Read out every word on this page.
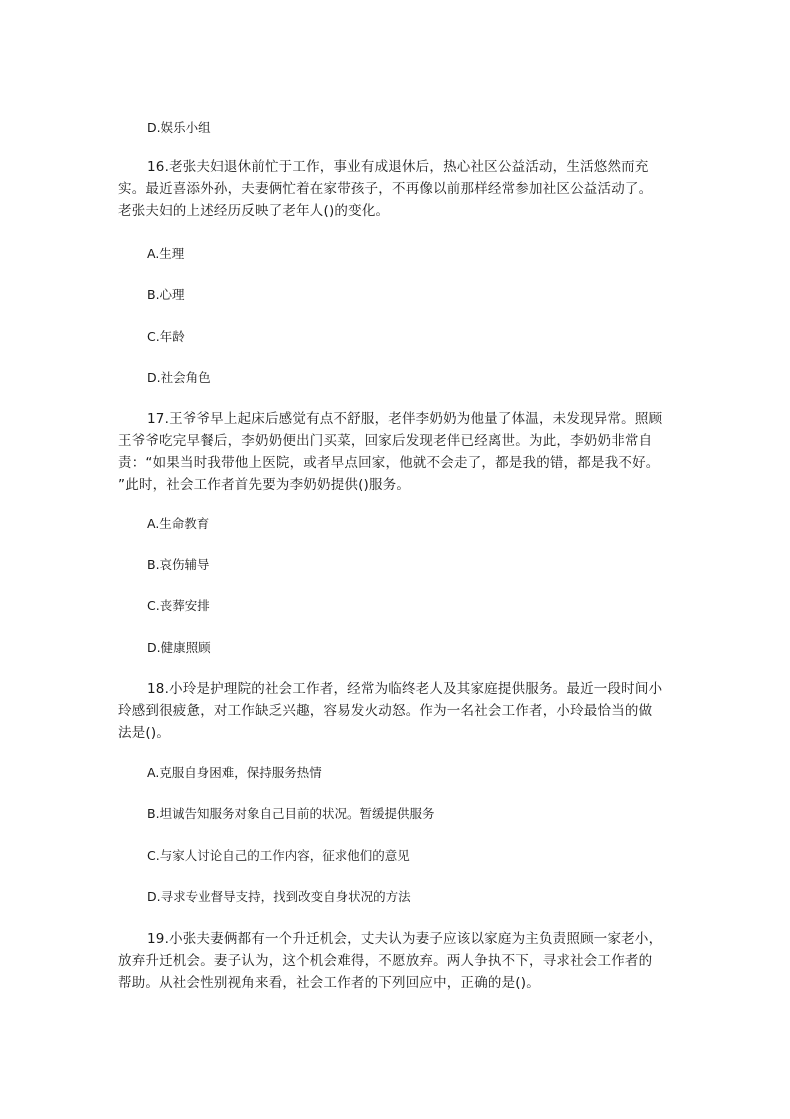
D.娱乐小组
16.老张夫妇退休前忙于工作，事业有成退休后，热心社区公益活动，生活悠然而充
实。最近喜添外孙，夫妻俩忙着在家带孩子，不再像以前那样经常参加社区公益活动了。
老张夫妇的上述经历反映了老年人()的变化。
A.生理
B.心理
C.年龄
D.社会角色
17.王爷爷早上起床后感觉有点不舒服，老伴李奶奶为他量了体温，未发现异常。照顾
王爷爷吃完早餐后，李奶奶便出门买菜，回家后发现老伴已经离世。为此，李奶奶非常自
责：“如果当时我带他上医院，或者早点回家，他就不会走了，都是我的错，都是我不好。
”此时，社会工作者首先要为李奶奶提供()服务。
A.生命教育
B.哀伤辅导
C.丧葬安排
D.健康照顾
18.小玲是护理院的社会工作者，经常为临终老人及其家庭提供服务。最近一段时间小
玲感到很疲惫，对工作缺乏兴趣，容易发火动怒。作为一名社会工作者，小玲最恰当的做
法是()。
A.克服自身困难，保持服务热情
B.坦诚告知服务对象自己目前的状况。暂缓提供服务
C.与家人讨论自己的工作内容，征求他们的意见
D.寻求专业督导支持，找到改变自身状况的方法
19.小张夫妻俩都有一个升迁机会，丈夫认为妻子应该以家庭为主负责照顾一家老小，
放弃升迁机会。妻子认为，这个机会难得，不愿放弃。两人争执不下，寻求社会工作者的
帮助。从社会性别视角来看，社会工作者的下列回应中，正确的是()。
